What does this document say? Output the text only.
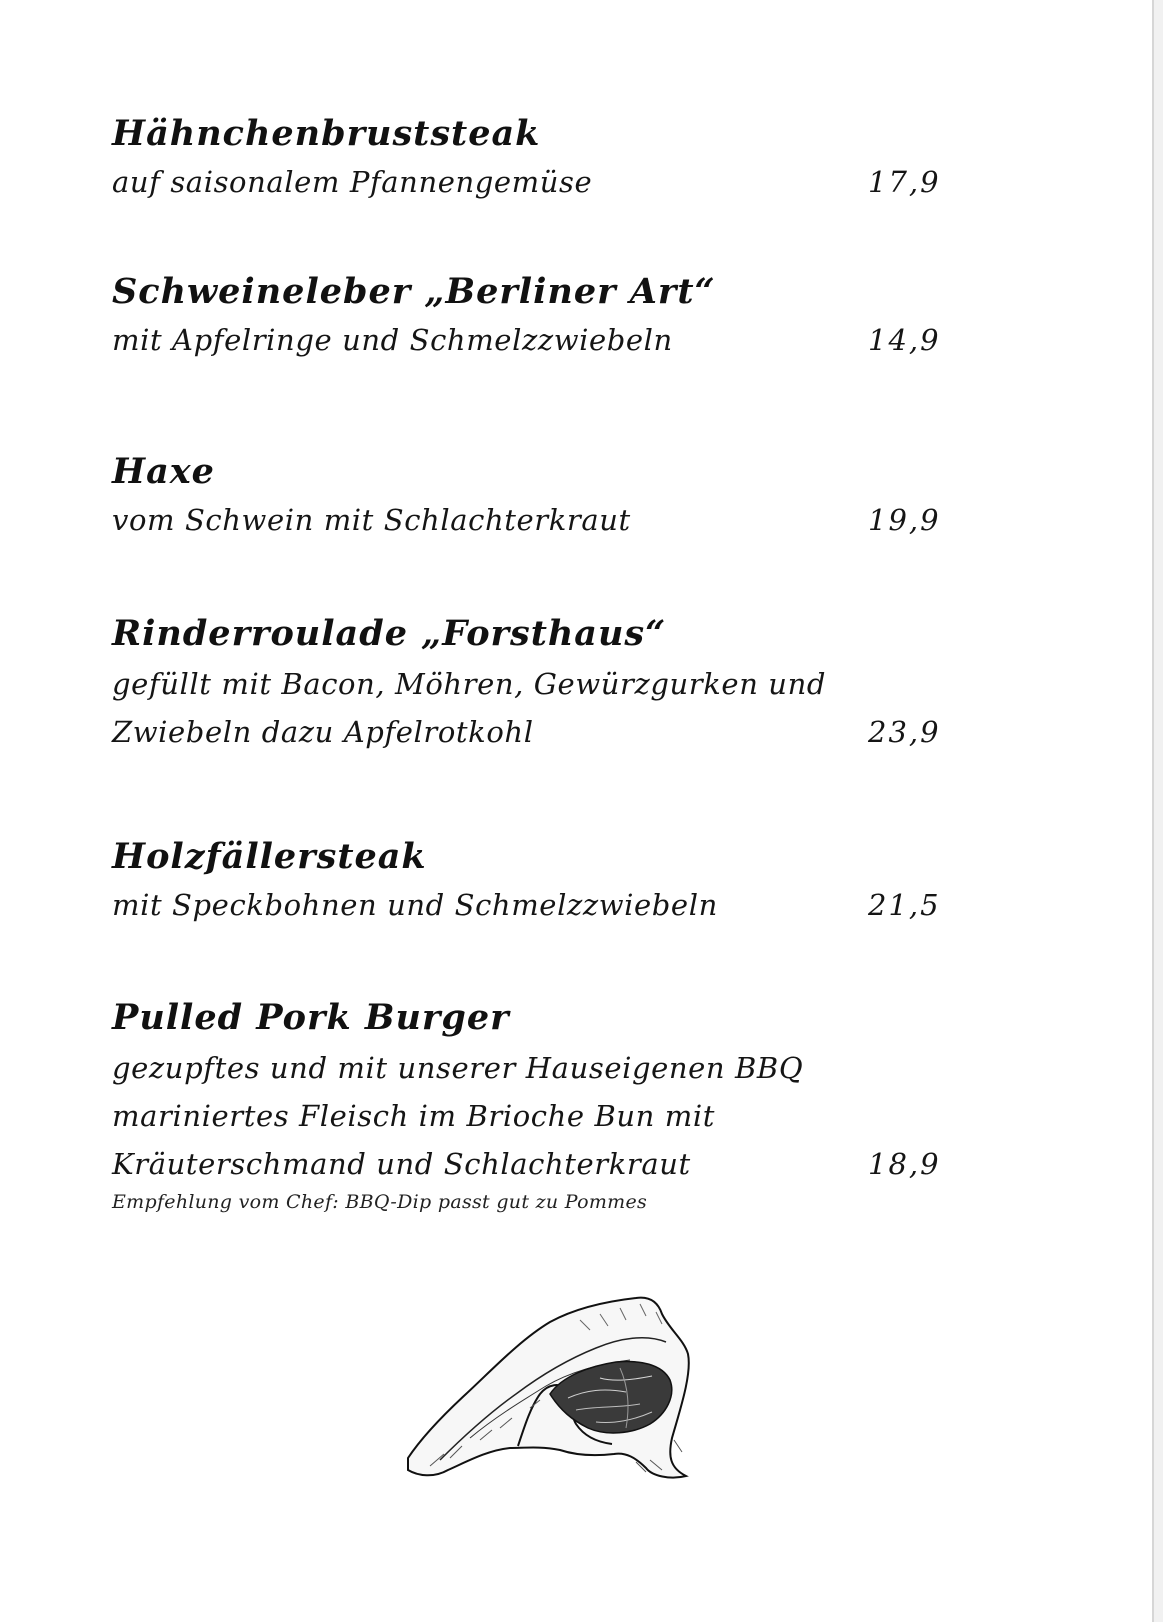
Hähnchenbruststeak
auf saisonalem Pfannengemüse	17,9
Schweineleber „Berliner Art“
mit Apfelringe und Schmelzzwiebeln	14,9
Haxe
vom Schwein mit Schlachterkraut	19,9
Rinderroulade „Forsthaus“
gefüllt mit Bacon, Möhren, Gewürzgurken und
Zwiebeln dazu Apfelrotkohl	23,9
Holzfällersteak
mit Speckbohnen und Schmelzzwiebeln	21,5
Pulled Pork Burger
gezupftes und mit unserer Hauseigenen BBQ
mariniertes Fleisch im Brioche Bun mit
Kräuterschmand und Schlachterkraut	18,9
Empfehlung vom Chef: BBQ-Dip passt gut zu Pommes
